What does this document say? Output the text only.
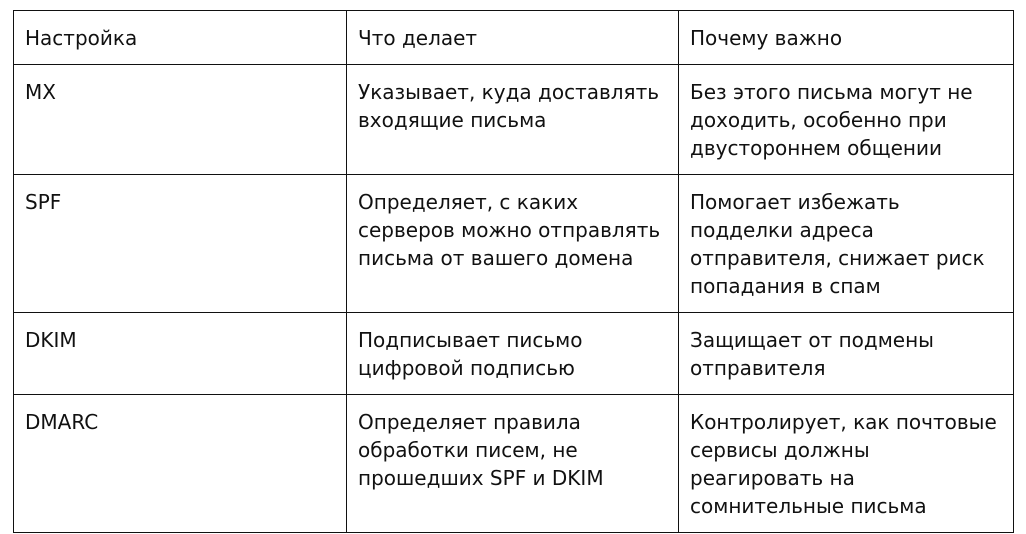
Настройка	Что делает	Почему важно
MX	Указывает, куда доставлять входящие письма	Без этого письма могут не доходить, особенно при двустороннем общении
SPF	Определяет, с каких серверов можно отправлять письма от вашего домена	Помогает избежать подделки адреса отправителя, снижает риск попадания в спам
DKIM	Подписывает письмо цифровой подписью	Защищает от подмены отправителя
DMARC	Определяет правила обработки писем, не прошедших SPF и DKIM	Контролирует, как почтовые сервисы должны реагировать на сомнительные письма
